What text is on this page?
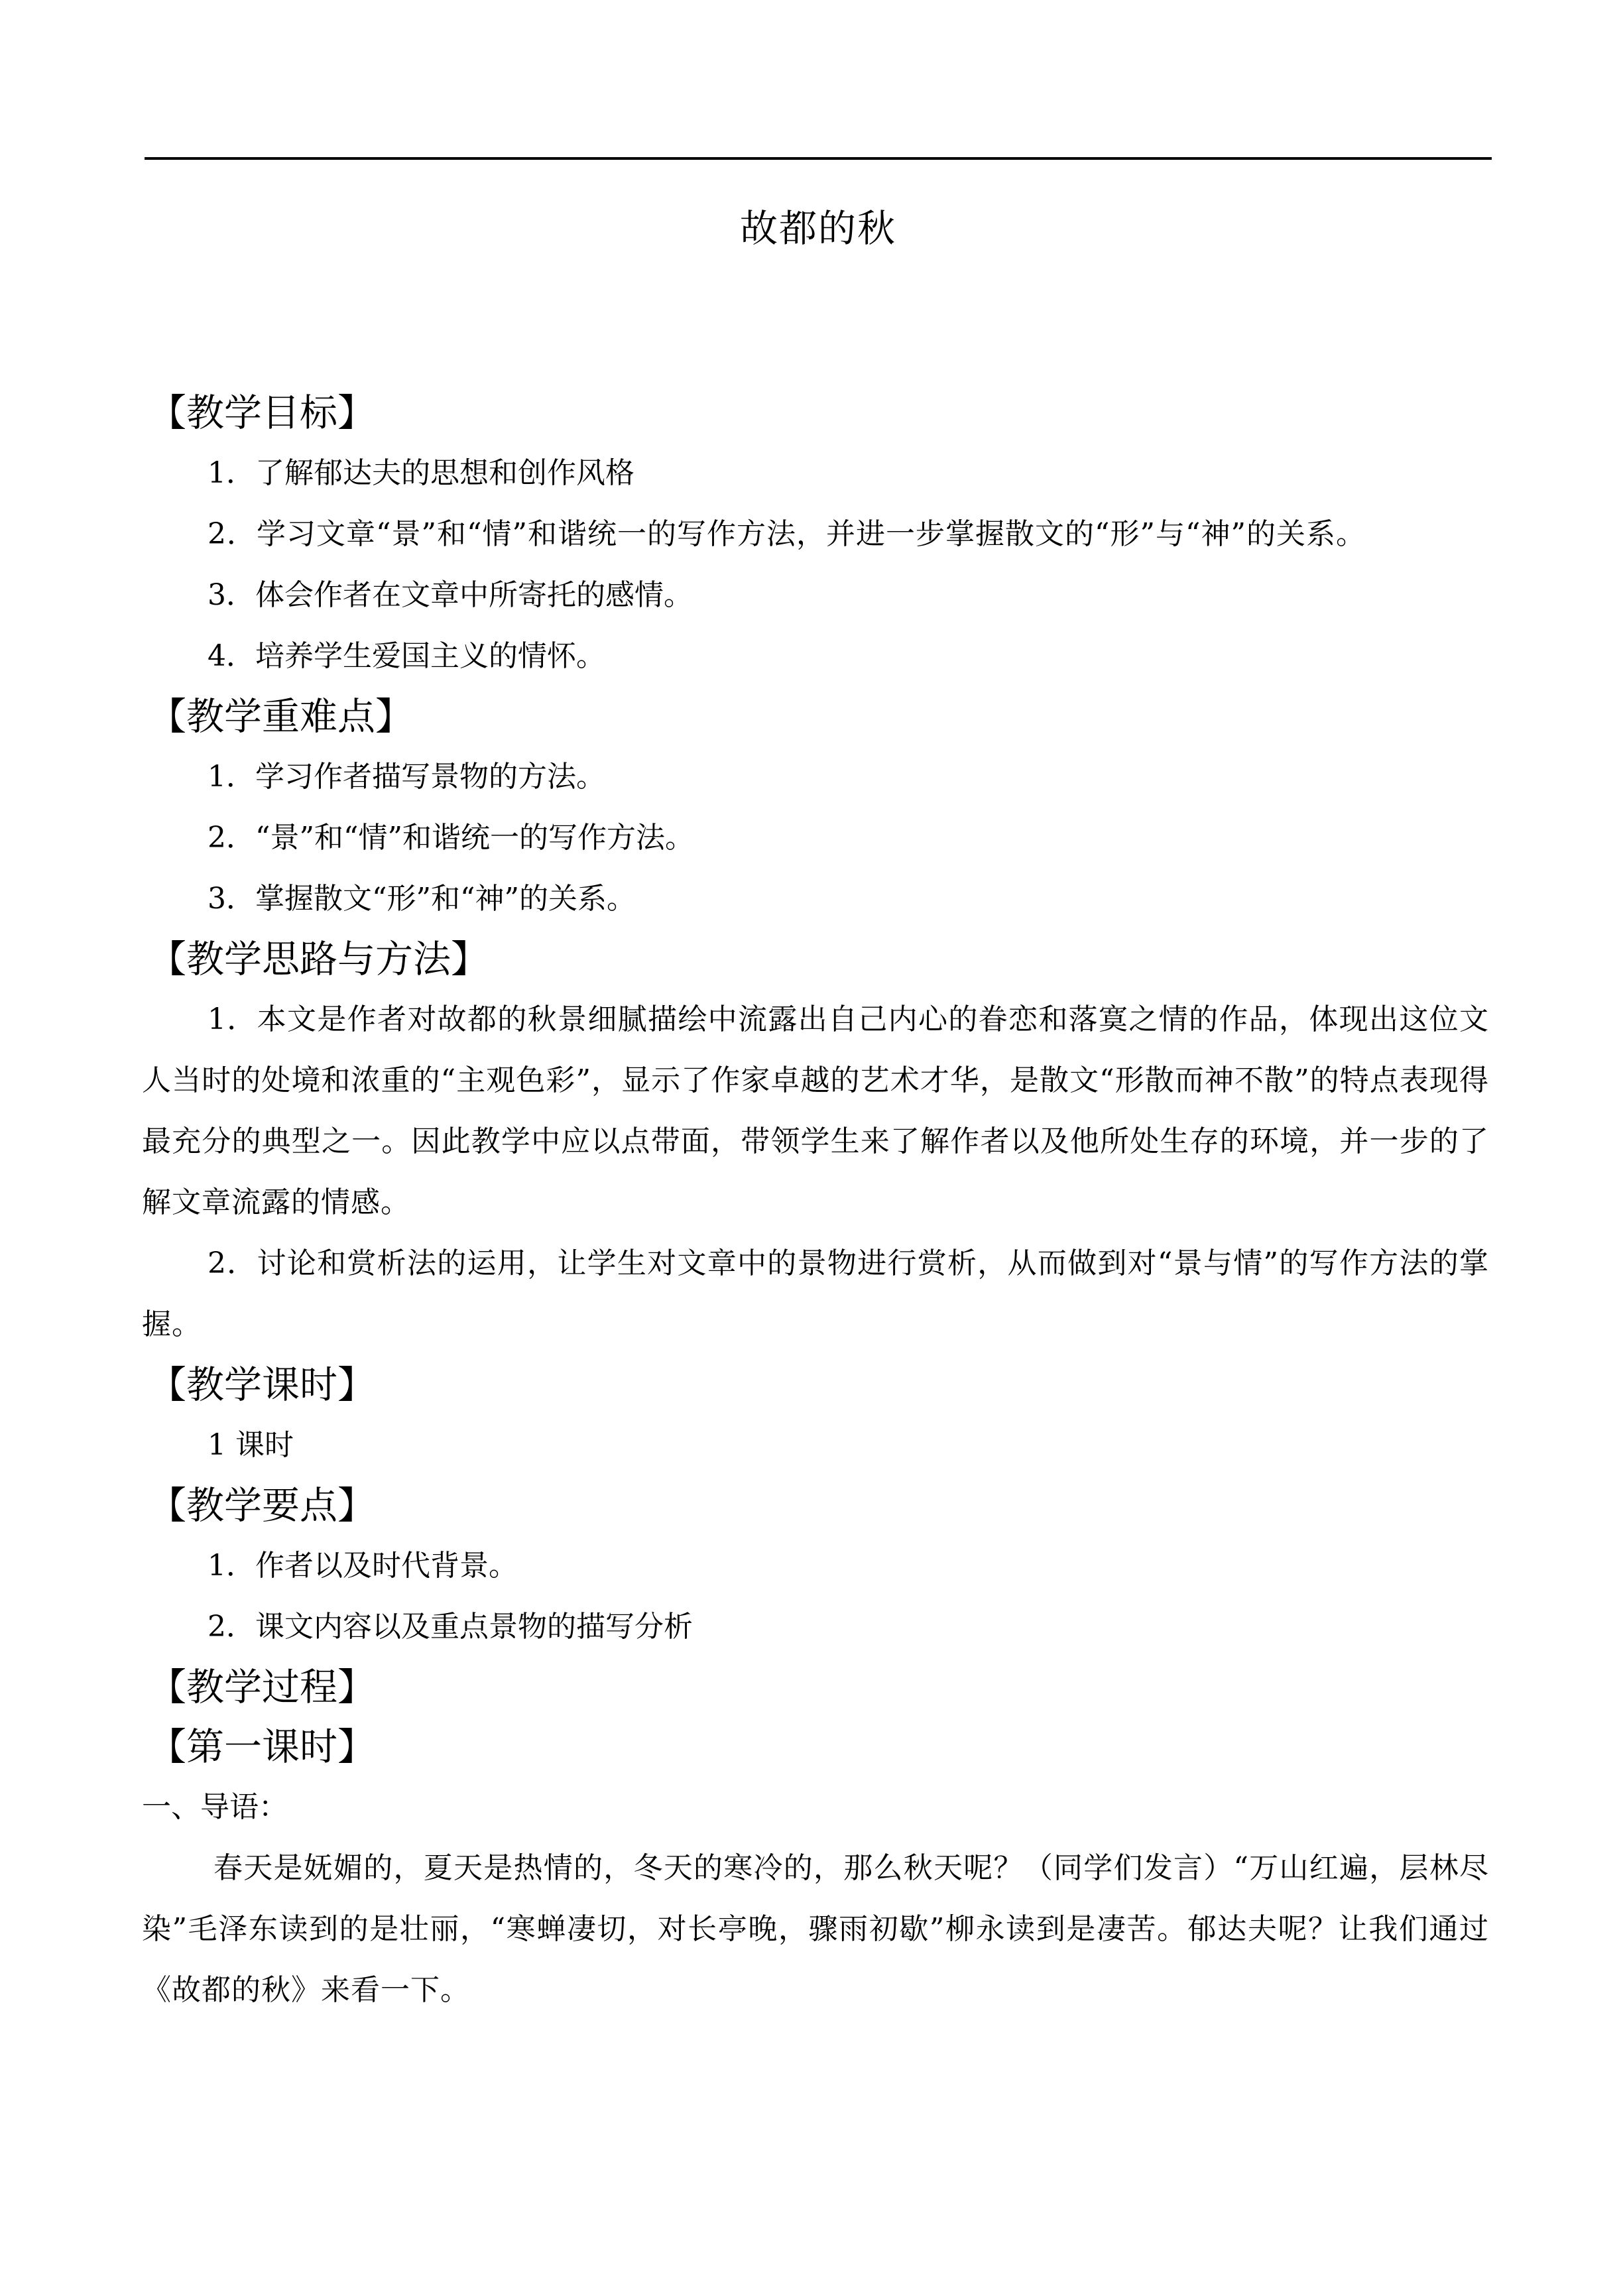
故都的秋
【教学目标】

1．了解郁达夫的思想和创作风格

2．学习文章“景”和“情”和谐统一的写作方法，并进一步掌握散文的“形”与“神”的关系。

3．体会作者在文章中所寄托的感情。

4．培养学生爱国主义的情怀。

【教学重难点】

1．学习作者描写景物的方法。

2．“景”和“情”和谐统一的写作方法。

3．掌握散文“形”和“神”的关系。

【教学思路与方法】

1．本文是作者对故都的秋景细腻描绘中流露出自己内心的眷恋和落寞之情的作品，体现出这位文人当时的处境和浓重的“主观色彩”，显示了作家卓越的艺术才华，是散文“形散而神不散”的特点表现得最充分的典型之一。因此教学中应以点带面，带领学生来了解作者以及他所处生存的环境，并一步的了解文章流露的情感。

2．讨论和赏析法的运用，让学生对文章中的景物进行赏析，从而做到对“景与情”的写作方法的掌握。

【教学课时】

1 课时

【教学要点】

1．作者以及时代背景。

2．课文内容以及重点景物的描写分析

【教学过程】
【第一课时】

一、导语：

春天是妩媚的，夏天是热情的，冬天的寒冷的，那么秋天呢？（同学们发言）“万山红遍，层林尽染”毛泽东读到的是壮丽，“寒蝉凄切，对长亭晚，骤雨初歇”柳永读到是凄苦。郁达夫呢？让我们通过《故都的秋》来看一下。
